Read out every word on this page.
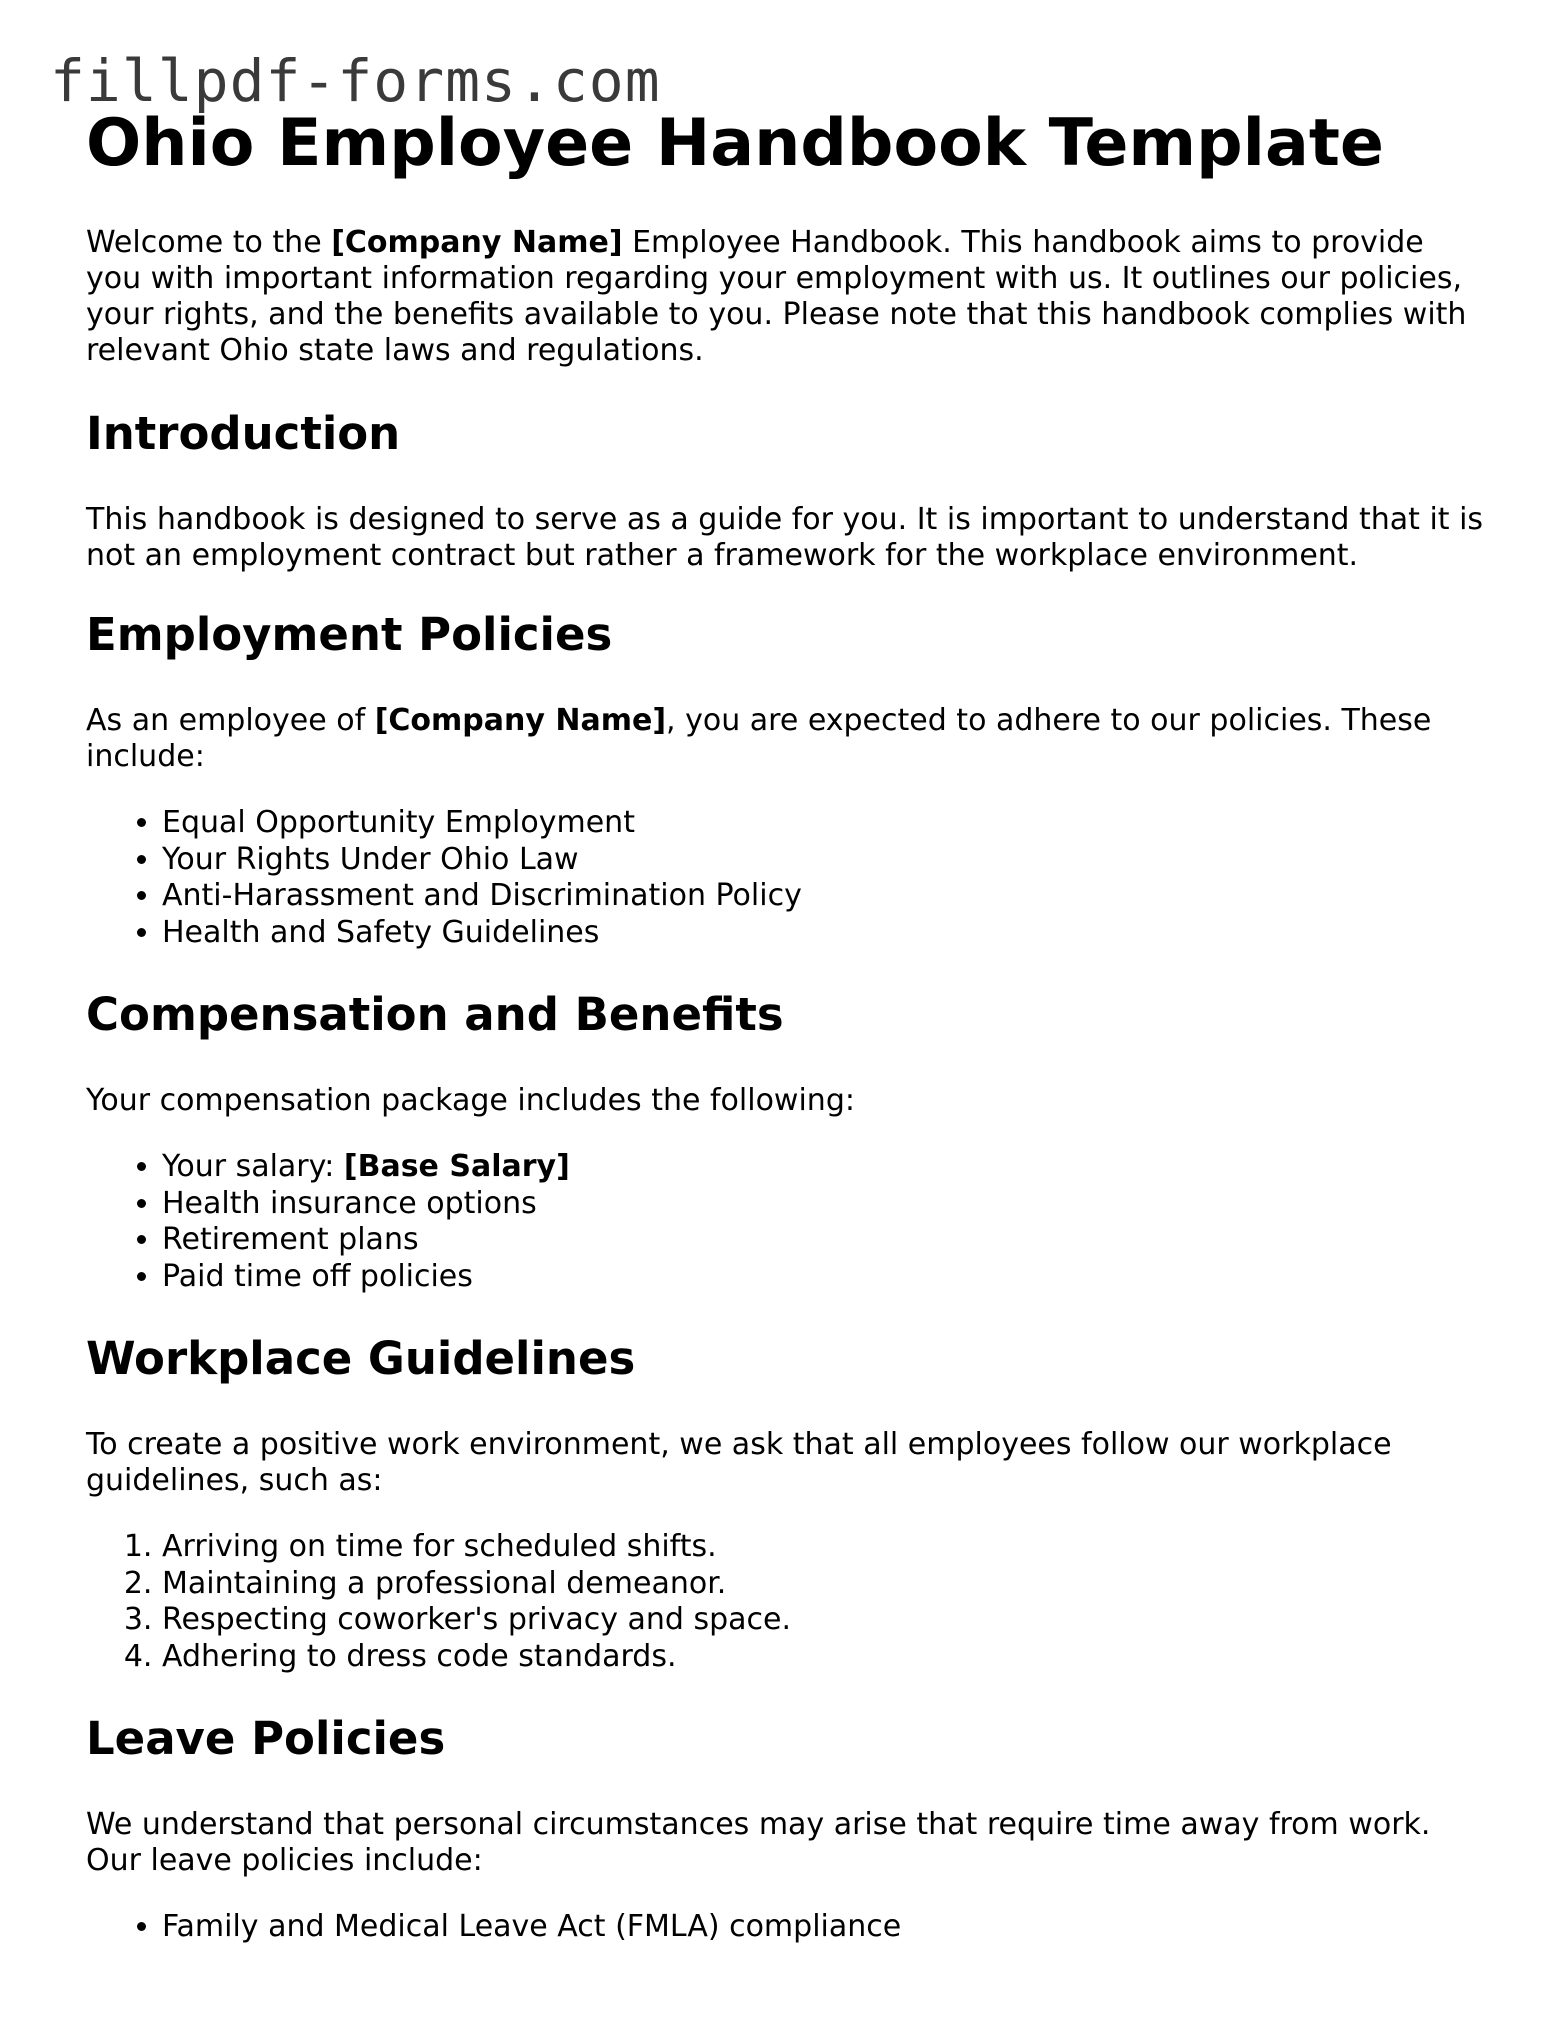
fillpdf-forms.com
Ohio Employee Handbook Template

Welcome to the [Company Name] Employee Handbook. This handbook aims to provide you with important information regarding your employment with us. It outlines our policies, your rights, and the benefits available to you. Please note that this handbook complies with relevant Ohio state laws and regulations.

Introduction

This handbook is designed to serve as a guide for you. It is important to understand that it is not an employment contract but rather a framework for the workplace environment.

Employment Policies

As an employee of [Company Name], you are expected to adhere to our policies. These include:

• Equal Opportunity Employment
• Your Rights Under Ohio Law
• Anti-Harassment and Discrimination Policy
• Health and Safety Guidelines
Compensation and Benefits

Your compensation package includes the following:

• Your salary: [Base Salary]
• Health insurance options
• Retirement plans
• Paid time off policies
Workplace Guidelines

To create a positive work environment, we ask that all employees follow our workplace guidelines, such as:

1. Arriving on time for scheduled shifts.
2. Maintaining a professional demeanor.
3. Respecting coworker's privacy and space.
4. Adhering to dress code standards.
Leave Policies

We understand that personal circumstances may arise that require time away from work. Our leave policies include:

• Family and Medical Leave Act (FMLA) compliance
